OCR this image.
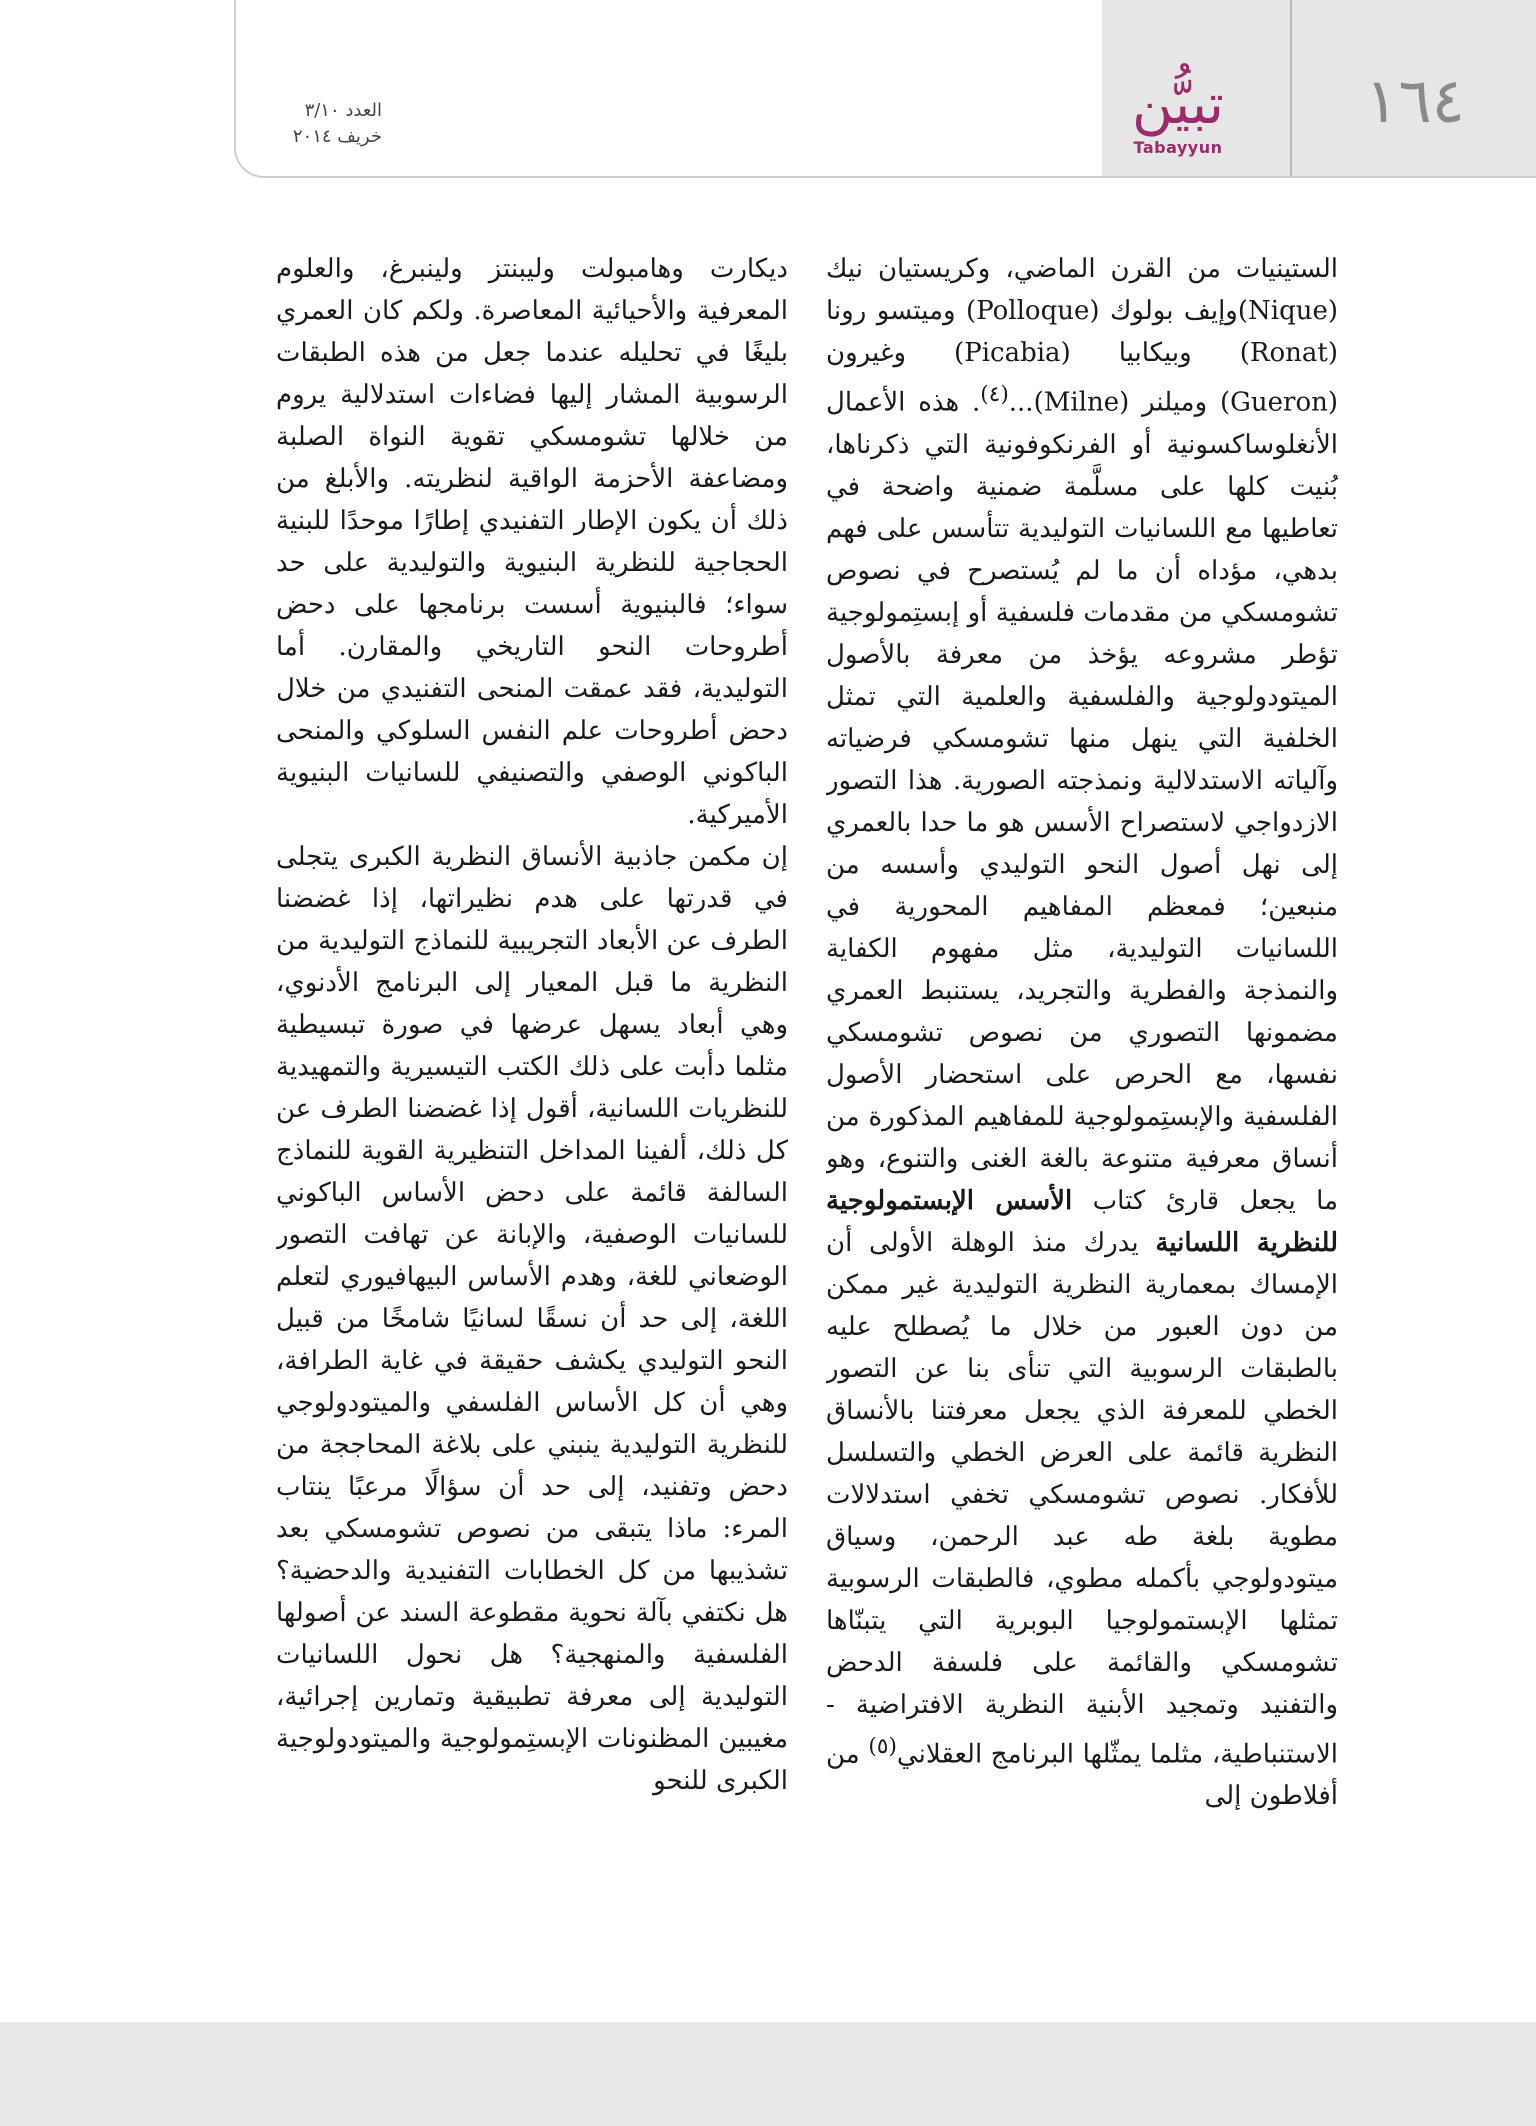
١٦٤
تبيُّن
Tabayyun
العدد ٣/١٠
خريف ٢٠١٤

الستينيات من القرن الماضي، وكريستيان نيك (Nique)وإيف بولوك (Polloque) وميتسو رونا (Ronat) وبيكابيا (Picabia) وغيرون (Gueron) وميلنر (Milne)...$^{(٤)}$. هذه الأعمال الأنغلوساكسونية أو الفرنكوفونية التي ذكرناها، بُنيت كلها على مسلَّمة ضمنية واضحة في تعاطيها مع اللسانيات التوليدية تتأسس على فهم بدهي، مؤداه أن ما لم يُستصرح في نصوص تشومسكي من مقدمات فلسفية أو إبستِمولوجية تؤطر مشروعه يؤخذ من معرفة بالأصول الميتودولوجية والفلسفية والعلمية التي تمثل الخلفية التي ينهل منها تشومسكي فرضياته وآلياته الاستدلالية ونمذجته الصورية. هذا التصور الازدواجي لاستصراح الأسس هو ما حدا بالعمري إلى نهل أصول النحو التوليدي وأسسه من منبعين؛ فمعظم المفاهيم المحورية في اللسانيات التوليدية، مثل مفهوم الكفاية والنمذجة والفطرية والتجريد، يستنبط العمري مضمونها التصوري من نصوص تشومسكي نفسها، مع الحرص على استحضار الأصول الفلسفية والإبستِمولوجية للمفاهيم المذكورة من أنساق معرفية متنوعة بالغة الغنى والتنوع، وهو ما يجعل قارئ كتاب الأسس الإبستمولوجية للنظرية اللسانية يدرك منذ الوهلة الأولى أن الإمساك بمعمارية النظرية التوليدية غير ممكن من دون العبور من خلال ما يُصطلح عليه بالطبقات الرسوبية التي تنأى بنا عن التصور الخطي للمعرفة الذي يجعل معرفتنا بالأنساق النظرية قائمة على العرض الخطي والتسلسل للأفكار. نصوص تشومسكي تخفي استدلالات مطوية بلغة طه عبد الرحمن، وسياق ميتودولوجي بأكمله مطوي، فالطبقات الرسوبية تمثلها الإبستمولوجيا البوبرية التي يتبنّاها تشومسكي والقائمة على فلسفة الدحض والتفنيد وتمجيد الأبنية النظرية الافتراضية - الاستنباطية، مثلما يمثّلها البرنامج العقلاني$^{(٥)}$ من أفلاطون إلى

ديكارت وهامبولت وليبنتز ولينبرغ، والعلوم المعرفية والأحيائية المعاصرة. ولكم كان العمري بليغًا في تحليله عندما جعل من هذه الطبقات الرسوبية المشار إليها فضاءات استدلالية يروم من خلالها تشومسكي تقوية النواة الصلبة ومضاعفة الأحزمة الواقية لنظريته. والأبلغ من ذلك أن يكون الإطار التفنيدي إطارًا موحدًا للبنية الحجاجية للنظرية البنيوية والتوليدية على حد سواء؛ فالبنيوية أسست برنامجها على دحض أطروحات النحو التاريخي والمقارن. أما التوليدية، فقد عمقت المنحى التفنيدي من خلال دحض أطروحات علم النفس السلوكي والمنحى الباكوني الوصفي والتصنيفي للسانيات البنيوية الأميركية.

إن مكمن جاذبية الأنساق النظرية الكبرى يتجلى في قدرتها على هدم نظيراتها، إذا غضضنا الطرف عن الأبعاد التجريبية للنماذج التوليدية من النظرية ما قبل المعيار إلى البرنامج الأدنوي، وهي أبعاد يسهل عرضها في صورة تبسيطية مثلما دأبت على ذلك الكتب التيسيرية والتمهيدية للنظريات اللسانية، أقول إذا غضضنا الطرف عن كل ذلك، ألفينا المداخل التنظيرية القوية للنماذج السالفة قائمة على دحض الأساس الباكوني للسانيات الوصفية، والإبانة عن تهافت التصور الوضعاني للغة، وهدم الأساس البيهافيوري لتعلم اللغة، إلى حد أن نسقًا لسانيًا شامخًا من قبيل النحو التوليدي يكشف حقيقة في غاية الطرافة، وهي أن كل الأساس الفلسفي والميتودولوجي للنظرية التوليدية ينبني على بلاغة المحاججة من دحض وتفنيد، إلى حد أن سؤالًا مرعبًا ينتاب المرء: ماذا يتبقى من نصوص تشومسكي بعد تشذيبها من كل الخطابات التفنيدية والدحضية؟ هل نكتفي بآلة نحوية مقطوعة السند عن أصولها الفلسفية والمنهجية؟ هل نحول اللسانيات التوليدية إلى معرفة تطبيقية وتمارين إجرائية، مغيبين المظنونات الإبستِمولوجية والميتودولوجية الكبرى للنحو
